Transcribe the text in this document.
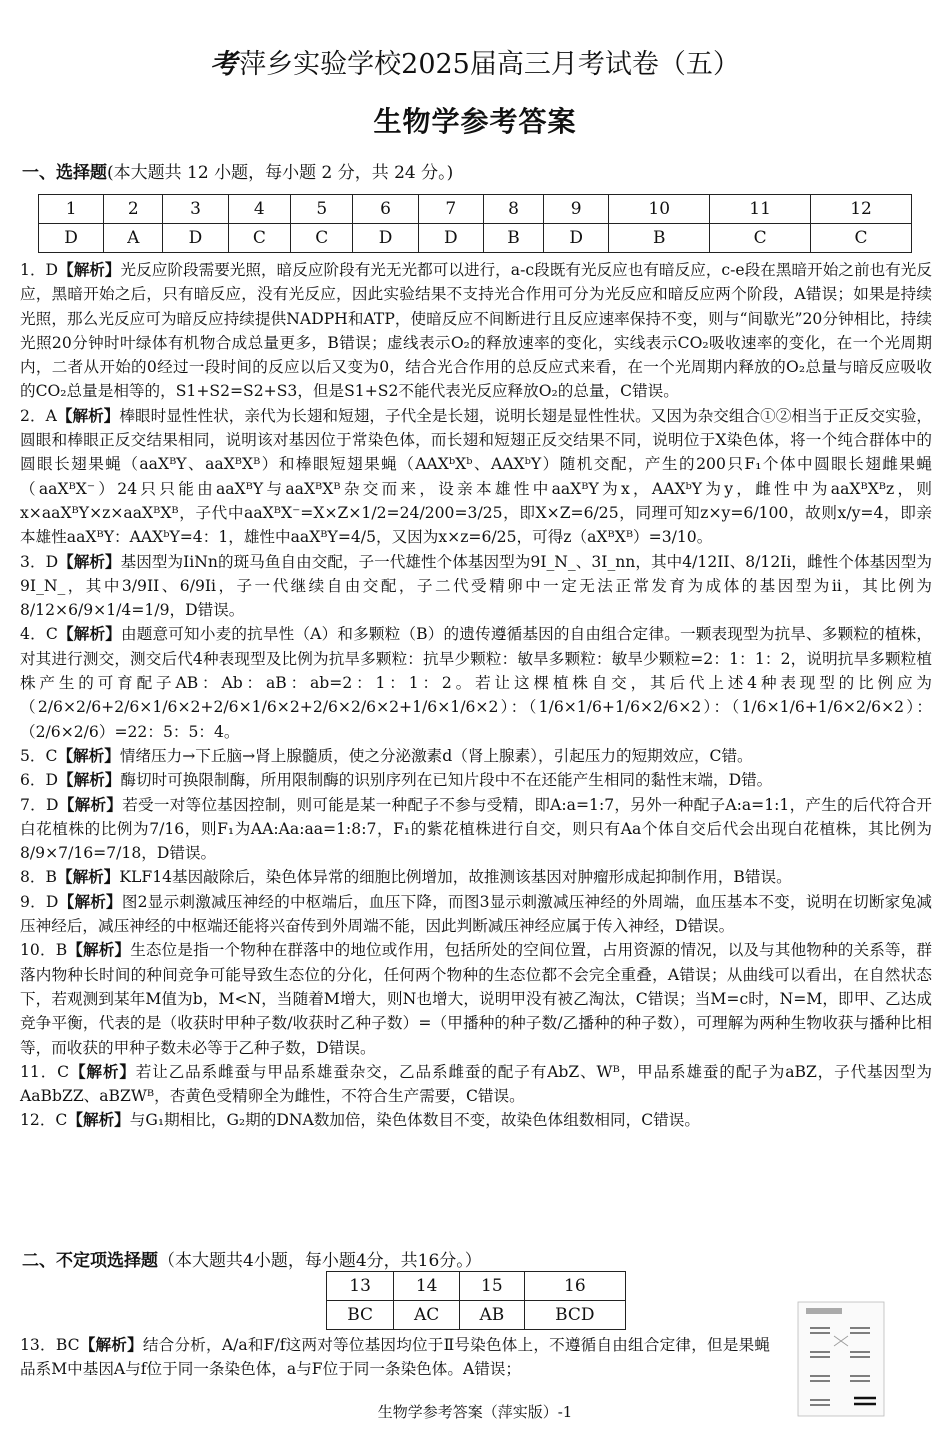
考萍乡实验学校2025届高三月考试卷（五）
生物学参考答案
一、选择题(本大题共 12 小题，每小题 2 分，共 24 分。)
1	2	3	4	5	6	7	8	9	10	11	12
D	A	D	C	C	D	D	B	D	B	C	C

1．D【解析】光反应阶段需要光照，暗反应阶段有光无光都可以进行，a-c段既有光反应也有暗反应，c-e段在黑暗开始之前也有光反应，黑暗开始之后，只有暗反应，没有光反应，因此实验结果不支持光合作用可分为光反应和暗反应两个阶段，A错误；如果是持续光照，那么光反应可为暗反应持续提供NADPH和ATP，使暗反应不间断进行且反应速率保持不变，则与“间歇光”20分钟相比，持续光照20分钟时叶绿体有机物合成总量更多，B错误；虚线表示O₂的释放速率的变化，实线表示CO₂吸收速率的变化，在一个光周期内，二者从开始的0经过一段时间的反应以后又变为0，结合光合作用的总反应式来看，在一个光周期内释放的O₂总量与暗反应吸收的CO₂总量是相等的，S1+S2=S2+S3，但是S1+S2不能代表光反应释放O₂的总量，C错误。

2．A【解析】棒眼时显性性状，亲代为长翅和短翅，子代全是长翅，说明长翅是显性性状。又因为杂交组合①②相当于正反交实验，圆眼和棒眼正反交结果相同，说明该对基因位于常染色体，而长翅和短翅正反交结果不同，说明位于X染色体，将一个纯合群体中的圆眼长翅果蝇（aaXᴮY、aaXᴮXᴮ）和棒眼短翅果蝇（AAXᵇXᵇ、AAXᵇY）随机交配，产生的200只F₁个体中圆眼长翅雌果蝇（aaXᴮX⁻）24只只能由aaXᴮY与aaXᴮXᴮ杂交而来，设亲本雄性中aaXᴮY为x，AAXᵇY为y，雌性中为aaXᴮXᴮz，则x×aaXᴮY×z×aaXᴮXᴮ，子代中aaXᴮX⁻=X×Z×1/2=24/200=3/25，即X×Z=6/25，同理可知z×y=6/100，故则x/y=4，即亲本雄性aaXᴮY：AAXᵇY=4：1，雄性中aaXᴮY=4/5，又因为x×z=6/25，可得z（aXᴮXᴮ）=3/10。

3．D【解析】基因型为IiNn的斑马鱼自由交配，子一代雄性个体基因型为9I_N_、3I_nn，其中4/12II、8/12Ii，雌性个体基因型为9I_N_，其中3/9II、6/9Ii，子一代继续自由交配，子二代受精卵中一定无法正常发育为成体的基因型为ii，其比例为8/12×6/9×1/4=1/9，D错误。

4．C【解析】由题意可知小麦的抗旱性（A）和多颗粒（B）的遗传遵循基因的自由组合定律。一颗表现型为抗旱、多颗粒的植株，对其进行测交，测交后代4种表现型及比例为抗旱多颗粒：抗旱少颗粒：敏旱多颗粒：敏旱少颗粒=2：1：1：2，说明抗旱多颗粒植株产生的可育配子AB：Ab：aB：ab=2：1：1：2。若让这棵植株自交，其后代上述4种表现型的比例应为（2/6×2/6+2/6×1/6×2+2/6×1/6×2+2/6×2/6×2+1/6×1/6×2）：（1/6×1/6+1/6×2/6×2）：（1/6×1/6+1/6×2/6×2）：（2/6×2/6）=22：5：5：4。

5．C【解析】情绪压力→下丘脑→肾上腺髓质，使之分泌激素d（肾上腺素），引起压力的短期效应，C错。

6．D【解析】酶切时可换限制酶，所用限制酶的识别序列在已知片段中不在还能产生相同的黏性末端，D错。

7．D【解析】若受一对等位基因控制，则可能是某一种配子不参与受精，即A:a=1:7，另外一种配子A:a=1:1，产生的后代符合开白花植株的比例为7/16，则F₁为AA:Aa:aa=1:8:7，F₁的紫花植株进行自交，则只有Aa个体自交后代会出现白花植株，其比例为8/9×7/16=7/18，D错误。

8．B【解析】KLF14基因敲除后，染色体异常的细胞比例增加，故推测该基因对肿瘤形成起抑制作用，B错误。

9．D【解析】图2显示刺激减压神经的中枢端后，血压下降，而图3显示刺激减压神经的外周端，血压基本不变，说明在切断家兔减压神经后，减压神经的中枢端还能将兴奋传到外周端不能，因此判断减压神经应属于传入神经，D错误。

10．B【解析】生态位是指一个物种在群落中的地位或作用，包括所处的空间位置，占用资源的情况，以及与其他物种的关系等，群落内物种长时间的种间竞争可能导致生态位的分化，任何两个物种的生态位都不会完全重叠，A错误；从曲线可以看出，在自然状态下，若观测到某年M值为b，M<N，当随着M增大，则N也增大，说明甲没有被乙淘汰，C错误；当M=c时，N=M，即甲、乙达成竞争平衡，代表的是（收获时甲种子数/收获时乙种子数）=（甲播种的种子数/乙播种的种子数），可理解为两种生物收获与播种比相等，而收获的甲种子数未必等于乙种子数，D错误。

11．C【解析】若让乙品系雌蚕与甲品系雄蚕杂交，乙品系雌蚕的配子有AbZ、Wᴮ，甲品系雄蚕的配子为aBZ，子代基因型为AaBbZZ、aBZWᴮ，杏黄色受精卵全为雌性，不符合生产需要，C错误。

12．C【解析】与G₁期相比，G₂期的DNA数加倍，染色体数目不变，故染色体组数相同，C错误。

二、不定项选择题（本大题共4小题，每小题4分，共16分。）
13	14	15	16
BC	AC	AB	BCD

13．BC【解析】结合分析，A/a和F/f这两对等位基因均位于Ⅱ号染色体上，不遵循自由组合定律，但是果蝇品系M中基因A与f位于同一条染色体，a与F位于同一条染色体。A错误；

生物学参考答案（萍实版）-1
